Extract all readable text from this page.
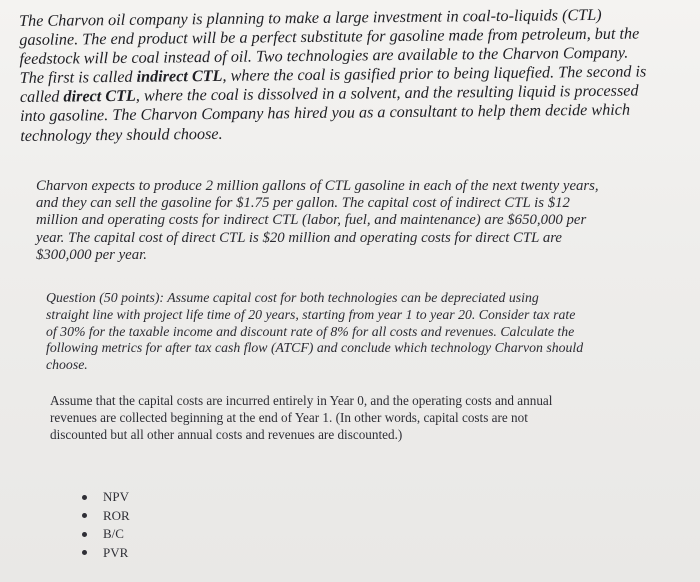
The Charvon oil company is planning to make a large investment in coal-to-liquids (CTL)
gasoline. The end product will be a perfect substitute for gasoline made from petroleum, but the
feedstock will be coal instead of oil. Two technologies are available to the Charvon Company.
The first is called indirect CTL, where the coal is gasified prior to being liquefied. The second is
called direct CTL, where the coal is dissolved in a solvent, and the resulting liquid is processed
into gasoline. The Charvon Company has hired you as a consultant to help them decide which
technology they should choose.

Charvon expects to produce 2 million gallons of CTL gasoline in each of the next twenty years,
and they can sell the gasoline for $1.75 per gallon. The capital cost of indirect CTL is $12
million and operating costs for indirect CTL (labor, fuel, and maintenance) are $650,000 per
year. The capital cost of direct CTL is $20 million and operating costs for direct CTL are
$300,000 per year.

Question (50 points): Assume capital cost for both technologies can be depreciated using
straight line with project life time of 20 years, starting from year 1 to year 20. Consider tax rate
of 30% for the taxable income and discount rate of 8% for all costs and revenues. Calculate the
following metrics for after tax cash flow (ATCF) and conclude which technology Charvon should
choose.

Assume that the capital costs are incurred entirely in Year 0, and the operating costs and annual
revenues are collected beginning at the end of Year 1. (In other words, capital costs are not
discounted but all other annual costs and revenues are discounted.)

NPV
ROR
B/C
PVR
